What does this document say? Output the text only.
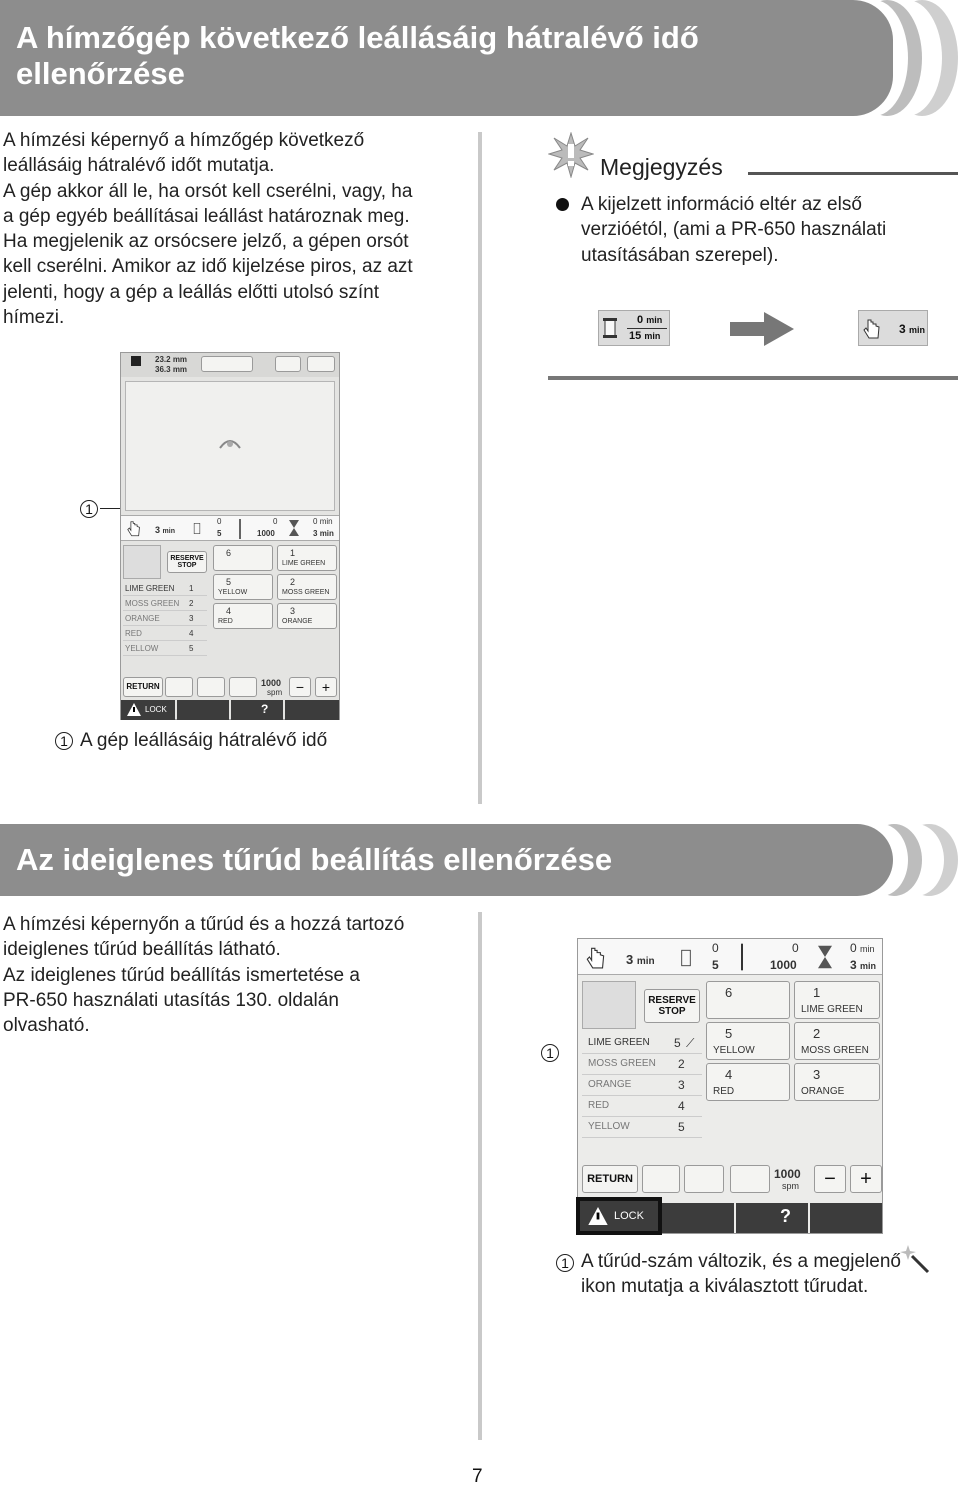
A hímzőgép következő leállásáig hátralévő idő
ellenőrzése
A hímzési képernyő a hímzőgép következő
leállásáig hátralévő időt mutatja.
A gép akkor áll le, ha orsót kell cserélni, vagy, ha
a gép egyéb beállításai leállást határoznak meg.
Ha megjelenik az orsócsere jelző, a gépen orsót
kell cserélni. Amikor az idő kijelzése piros, az azt
jelenti, hogy a gép a leállás előtti utolsó színt
hímezi.
Megjegyzés
A kijelzett információ eltér az első
verzióétól, (ami a PR-650 használati
utasításában szerepel).
0 min
15 min	3 min
1
23.2 mm
36.3 mm
3 min
0
5
0
1000
0 min
3 min
RESERVE STOP
LIME GREEN 1
MOSS GREEN 2
ORANGE	3
RED	4
YELLOW	5
6	1
LIME GREEN
5
YELLOW
2
MOSS GREEN
4
RED
3
ORANGE
RETURN	1000
spm −	+
LOCK	?
1 A gép leállásáig hátralévő idő
Az ideiglenes tűrúd beállítás ellenőrzése
A hímzési képernyőn a tűrúd és a hozzá tartozó
ideiglenes tűrúd beállítás látható.
Az ideiglenes tűrúd beállítás ismertetése a
PR-650 használati utasítás 130. oldalán
olvasható.
1
3 min
0
5
0
1000
0 min
3 min
RESERVE STOP
LIME GREEN 5 ⟋
MOSS GREEN 2
ORANGE	3
RED	4
YELLOW	5
6	1
LIME GREEN
5
YELLOW
2
MOSS GREEN
4
RED
3
ORANGE
RETURN	1000
spm	−	+
LOCK	?
1 A tűrúd-szám változik, és a megjelenő
ikon mutatja a kiválasztott tűrudat.
7
